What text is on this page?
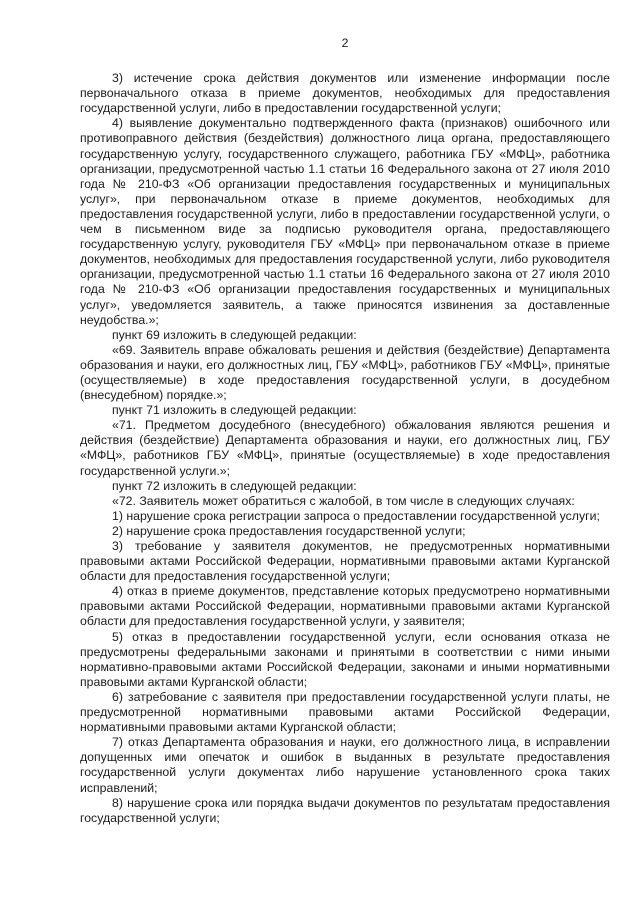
2

3) истечение срока действия документов или изменение информации после первоначального отказа в приеме документов, необходимых для предоставления государственной услуги, либо в предоставлении государственной услуги;

4) выявление документально подтвержденного факта (признаков) ошибочного или противоправного действия (бездействия) должностного лица органа, предоставляющего государственную услугу, государственного служащего, работника ГБУ «МФЦ», работника организации, предусмотренной частью 1.1 статьи 16 Федерального закона от 27 июля 2010 года № 210-ФЗ «Об организации предоставления государственных и муниципальных услуг», при первоначальном отказе в приеме документов, необходимых для предоставления государственной услуги, либо в предоставлении государственной услуги, о чем в письменном виде за подписью руководителя органа, предоставляющего государственную услугу, руководителя ГБУ «МФЦ» при первоначальном отказе в приеме документов, необходимых для предоставления государственной услуги, либо руководителя организации, предусмотренной частью 1.1 статьи 16 Федерального закона от 27 июля 2010 года № 210-ФЗ «Об организации предоставления государственных и муниципальных услуг», уведомляется заявитель, а также приносятся извинения за доставленные неудобства.»;

пункт 69 изложить в следующей редакции:

«69. Заявитель вправе обжаловать решения и действия (бездействие) Департамента образования и науки, его должностных лиц, ГБУ «МФЦ», работников ГБУ «МФЦ», принятые (осуществляемые) в ходе предоставления государственной услуги, в досудебном (внесудебном) порядке.»;

пункт 71 изложить в следующей редакции:

«71. Предметом досудебного (внесудебного) обжалования являются решения и действия (бездействие) Департамента образования и науки, его должностных лиц, ГБУ «МФЦ», работников ГБУ «МФЦ», принятые (осуществляемые) в ходе предоставления государственной услуги.»;

пункт 72 изложить в следующей редакции:

«72. Заявитель может обратиться с жалобой, в том числе в следующих случаях:

1) нарушение срока регистрации запроса о предоставлении государственной услуги;

2) нарушение срока предоставления государственной услуги;

3) требование у заявителя документов, не предусмотренных нормативными правовыми актами Российской Федерации, нормативными правовыми актами Курганской области для предоставления государственной услуги;

4) отказ в приеме документов, представление которых предусмотрено нормативными правовыми актами Российской Федерации, нормативными правовыми актами Курганской области для предоставления государственной услуги, у заявителя;

5) отказ в предоставлении государственной услуги, если основания отказа не предусмотрены федеральными законами и принятыми в соответствии с ними иными нормативно-правовыми актами Российской Федерации, законами и иными нормативными правовыми актами Курганской области;

6) затребование с заявителя при предоставлении государственной услуги платы, не предусмотренной нормативными правовыми актами Российской Федерации, нормативными правовыми актами Курганской области;

7) отказ Департамента образования и науки, его должностного лица, в исправлении допущенных ими опечаток и ошибок в выданных в результате предоставления государственной услуги документах либо нарушение установленного срока таких исправлений;

8) нарушение срока или порядка выдачи документов по результатам предоставления государственной услуги;
